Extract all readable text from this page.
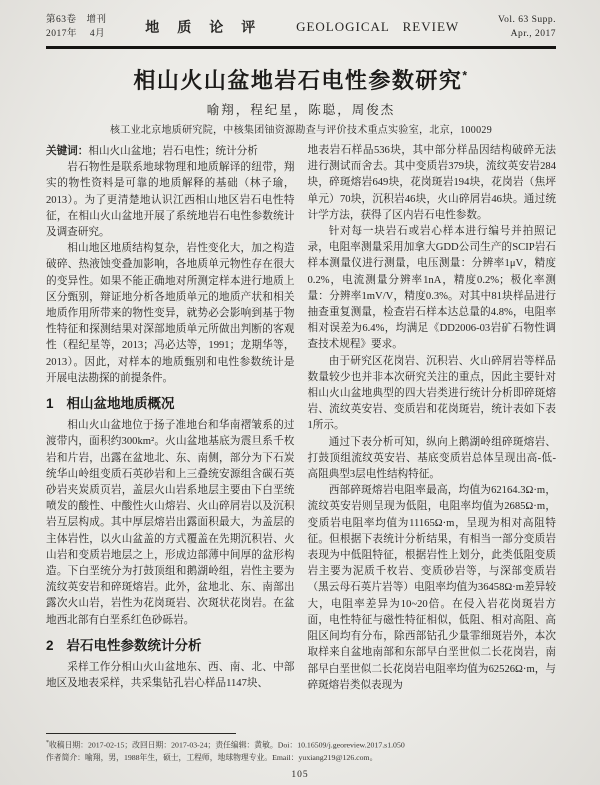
第63卷　增刊
2017年　 4月	地　质　论　评	GEOLOGICAL REVIEW	Vol. 63 Supp.
Apr., 2017
相山火山盆地岩石电性参数研究*
喻翔，程纪星，陈聪，周俊杰
核工业北京地质研究院，中核集团铀资源勘查与评价技术重点实验室，北京，100029

关键词：相山火山盆地；岩石电性；统计分析

岩石物性是联系地球物理和地质解译的纽带，翔实的物性资料是可靠的地质解释的基础（林子瑜，2013）。为了更清楚地认识江西相山地区岩石电性特征，在相山火山盆地开展了系统地岩石电性参数统计及调查研究。

相山地区地质结构复杂，岩性变化大，加之构造破碎、热液蚀变叠加影响，各地质单元物性存在很大的变异性。如果不能正确地对所测定样本进行地质上区分甄别，辩证地分析各地质单元的地质产状和相关地质作用所带来的物性变异，就势必会影响到基于物性特征和探测结果对深部地质单元所做出判断的客观性（程纪星等，2013；冯必达等，1991；龙期华等，2013）。因此，对样本的地质甄别和电性参数统计是开展电法勘探的前提条件。

1 相山盆地地质概况

相山火山盆地位于扬子准地台和华南褶皱系的过渡带内，面积约300km²。火山盆地基底为震旦系千枚岩和片岩，出露在盆地北、东、南侧，部分为下石炭统华山岭组变质石英砂岩和上三叠统安源组含碳石英砂岩夹炭质页岩，盖层火山岩系地层主要由下白垩统喷发的酸性、中酸性火山熔岩、火山碎屑岩以及沉积岩互层构成。其中厚层熔岩出露面积最大，为盖层的主体岩性，以火山盆盖的方式覆盖在先期沉积岩、火山岩和变质岩地层之上，形成边部薄中间厚的盆形构造。下白垩统分为打鼓顶组和鹅湖岭组，岩性主要为流纹英安岩和碎斑熔岩。此外，盆地北、东、南部出露次火山岩，岩性为花岗斑岩、次斑状花岗岩。在盆地西北部有白垩系红色砂砾岩。

2 岩石电性参数统计分析

采样工作分相山火山盆地东、西、南、北、中部地区及地表采样，共采集钻孔岩心样品1147块、

地表岩石样品536块，其中部分样品因结构破碎无法进行测试而舍去。其中变质岩379块，流纹英安岩284块，碎斑熔岩649块，花岗斑岩194块，花岗岩（焦坪单元）70块，沉积岩46块，火山碎屑岩46块。通过统计学方法，获得了区内岩石电性参数。

针对每一块岩石或岩心样本进行编号并拍照记录，电阻率测量采用加拿大GDD公司生产的SCIP岩石样本测量仪进行测量，电压测量：分辨率1μV，精度0.2%，电流测量分辨率1nA，精度0.2%；极化率测量：分辨率1mV/V，精度0.3%。对其中81块样品进行抽查重复测量，检查岩石样本达总量的4.8%，电阻率相对误差为6.4%，均满足《DD2006-03岩矿石物性调查技术规程》要求。

由于研究区花岗岩、沉积岩、火山碎屑岩等样品数量较少也并非本次研究关注的重点，因此主要针对相山火山盆地典型的四大岩类进行统计分析即碎斑熔岩、流纹英安岩、变质岩和花岗斑岩，统计表如下表1所示。

通过下表分析可知，纵向上鹅湖岭组碎斑熔岩、打鼓顶组流纹英安岩、基底变质岩总体呈现出高-低-高阻典型3层电性结构特征。

西部碎斑熔岩电阻率最高，均值为62164.3Ω·m，流纹英安岩则呈现为低阻，电阻率均值为2685Ω·m，变质岩电阻率均值为11165Ω·m，呈现为相对高阻特征。但根据下表统计分析结果，有相当一部分变质岩表现为中低阻特征，根据岩性上划分，此类低阻变质岩主要为泥质千枚岩、变质砂岩等，与深部变质岩（黑云母石英片岩等）电阻率均值为36458Ω·m差异较大，电阻率差异为10~20倍。在侵入岩花岗斑岩方面，电性特征与磁性特征相似，低阻、相对高阻、高阻区间均有分布，除西部钻孔少量霏细斑岩外，本次取样来自盆地南部和东部早白垩世似二长花岗岩，南部早白垩世似二长花岗岩电阻率均值为62526Ω·m，与碎斑熔岩类似表现为

*收稿日期：2017-02-15；改回日期：2017-03-24；责任编辑：黄敏。Doi：10.16509/j.georeview.2017.s1.050
作者简介：喻翔，男，1988年生，硕士，工程师，地球物理专业。Email：yuxiang219@126.com。
105
